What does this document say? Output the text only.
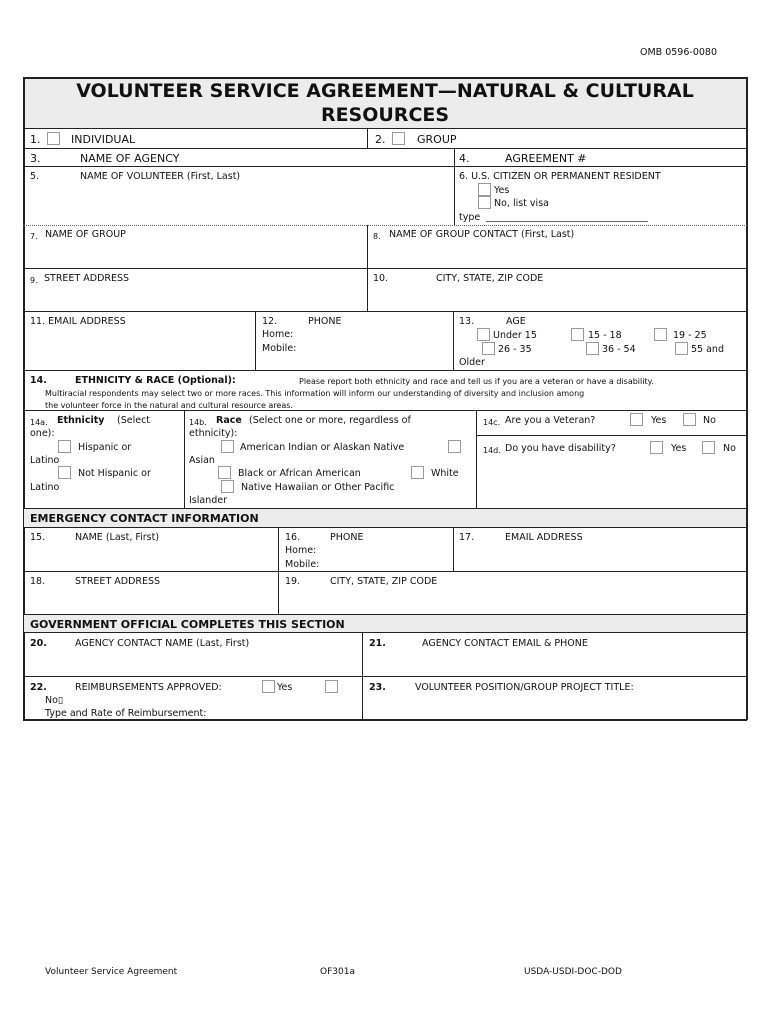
OMB 0596-0080
VOLUNTEER SERVICE AGREEMENT—NATURAL & CULTURAL
RESOURCES
1.	INDIVIDUAL	2.	GROUP
3.	NAME OF AGENCY	4.	AGREEMENT #
5.	NAME OF VOLUNTEER (First, Last)	6. U.S. CITIZEN OR PERMANENT RESIDENT
Yes
No, list visa
type
7. NAME OF GROUP	8. NAME OF GROUP CONTACT (First, Last)
9. STREET ADDRESS	10.	CITY, STATE, ZIP CODE
11. EMAIL ADDRESS	12.	PHONE
Home:
Mobile:
13.	AGE
Under 15	15 - 18	19 - 25
26 - 35	36 - 54	55 and
Older
14.	ETHNICITY & RACE (Optional):	Please report both ethnicity and race and tell us if you are a veteran or have a disability.
Multiracial respondents may select two or more races. This information will inform our understanding of diversity and inclusion among
the volunteer force in the natural and cultural resource areas.
14a. Ethnicity (Select
one):
Hispanic or
Latino
Not Hispanic or
Latino
14b. Race (Select one or more, regardless of
ethnicity):
American Indian or Alaskan Native
Asian
Black or African American	White
Native Hawaiian or Other Pacific
Islander
14c. Are you a Veteran?	Yes	No
14d. Do you have disability?	Yes	No
EMERGENCY CONTACT INFORMATION
15.	NAME (Last, First)	16.	PHONE
Home:
Mobile:
17.	EMAIL ADDRESS
18.	STREET ADDRESS	19.	CITY, STATE, ZIP CODE
GOVERNMENT OFFICIAL COMPLETES THIS SECTION
20.	AGENCY CONTACT NAME (Last, First)	21.	AGENCY CONTACT EMAIL & PHONE
22.	REIMBURSEMENTS APPROVED:	Yes
No▯
Type and Rate of Reimbursement:
23.	VOLUNTEER POSITION/GROUP PROJECT TITLE:
Volunteer Service Agreement	OF301a	USDA-USDI-DOC-DOD
